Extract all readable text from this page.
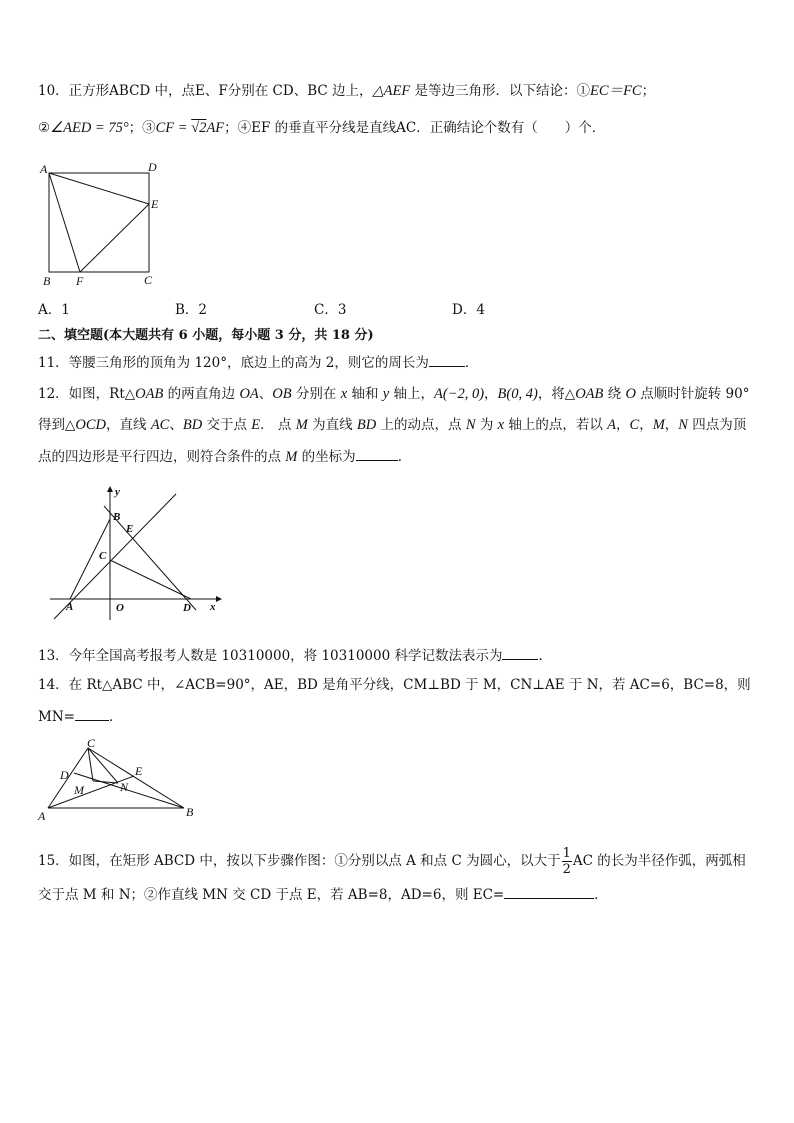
10．正方形ABCD 中，点E、F分别在 CD、BC 边上，△AEF 是等边三角形．以下结论：①EC＝FC；
②∠AED = 75°；③CF = √2AF；④EF 的垂直平分线是直线AC．正确结论个数有（　　）个．
A	D
E
B F	C
A．1	B．2	C．3	D．4
二、填空题(本大题共有 6 小题，每小题 3 分，共 18 分)
11．等腰三角形的顶角为 120°，底边上的高为 2，则它的周长为	．
12．如图，Rt△OAB 的两直角边 OA、OB 分别在 x 轴和 y 轴上，A(−2, 0)，B(0, 4)，将△OAB 绕 O 点顺时针旋转 90°
得到△OCD，直线 AC、BD 交于点 E． 点 M 为直线 BD 上的动点，点 N 为 x 轴上的点，若以 A，C，M，N 四点为顶
点的四边形是平行四边，则符合条件的点 M 的坐标为	．
y
B
E
C
A	O	D x
13．今年全国高考报考人数是 10310000，将 10310000 科学记数法表示为	．
14．在 Rt△ABC 中，∠ACB=90°，AE，BD 是角平分线，CM⊥BD 于 M，CN⊥AE 于 N，若 AC=6，BC=8，则
MN=	．
C
D	E
M	N
A	B
15．如图，在矩形 ABCD 中，按以下步骤作图：①分别以点 A 和点 C 为圆心，以大于 $\frac{1}{2}$ AC 的长为半径作弧，两弧相
交于点 M 和 N；②作直线 MN 交 CD 于点 E，若 AB=8，AD=6，则 EC=	．
